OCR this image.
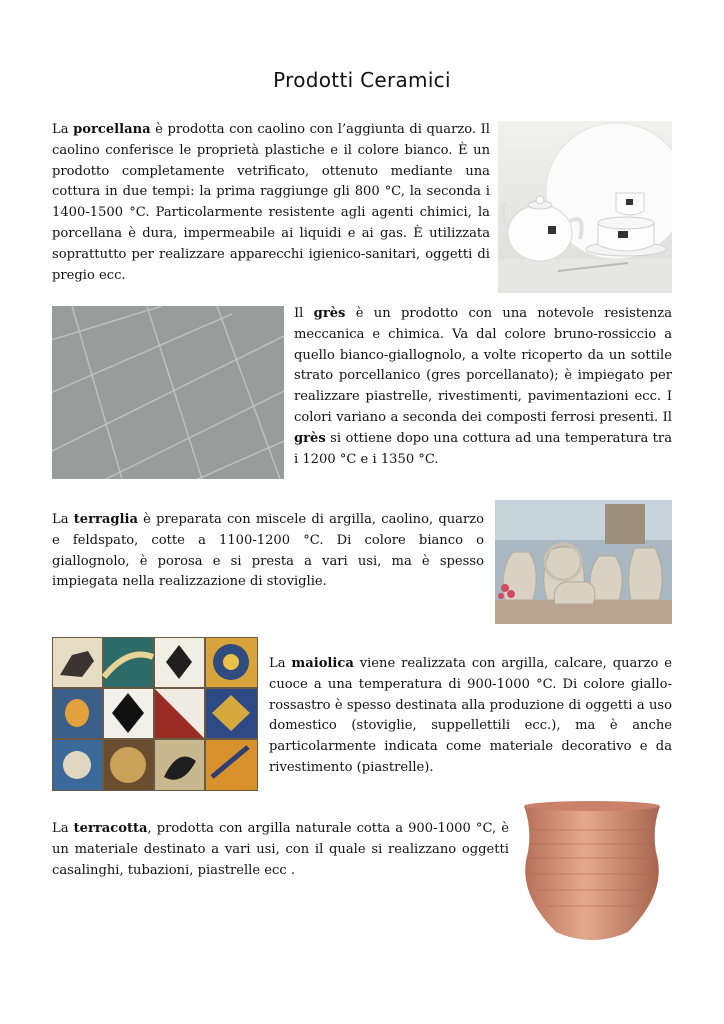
Prodotti Ceramici

La porcellana è prodotta con caolino con l’aggiunta di quarzo. Il caolino conferisce le proprietà plastiche e il colore bianco. È un prodotto completamente vetrificato, ottenuto mediante una cottura in due tempi: la prima raggiunge gli 800 °C, la seconda i 1400-1500 °C. Particolarmente resistente agli agenti chimici, la porcellana è dura, impermeabile ai liquidi e ai gas. È utilizzata soprattutto per realizzare apparecchi igienico-sanitari, oggetti di pregio ecc.

Il grès è un prodotto con una notevole resistenza meccanica e chimica. Va dal colore bruno-rossiccio a quello bianco-giallognolo, a volte ricoperto da un sottile strato porcellanico (gres porcellanato); è impiegato per realizzare piastrelle, rivestimenti, pavimentazioni ecc. I colori variano a seconda dei composti ferrosi presenti. Il grès si ottiene dopo una cottura ad una temperatura tra i 1200 °C e i 1350 °C.

La terraglia è preparata con miscele di argilla, caolino, quarzo e feldspato, cotte a 1100-1200 °C. Di colore bianco o giallognolo, è porosa e si presta a vari usi, ma è spesso impiegata nella realizzazione di stoviglie.

La maiolica viene realizzata con argilla, calcare, quarzo e cuoce a una temperatura di 900-1000 °C. Di colore giallo-rossastro è spesso destinata alla produzione di oggetti a uso domestico (stoviglie, suppellettili ecc.), ma è anche particolarmente indicata come materiale decorativo e da rivestimento (piastrelle).

La terracotta, prodotta con argilla naturale cotta a 900-1000 °C, è un materiale destinato a vari usi, con il quale si realizzano oggetti casalinghi, tubazioni, piastrelle ecc .
